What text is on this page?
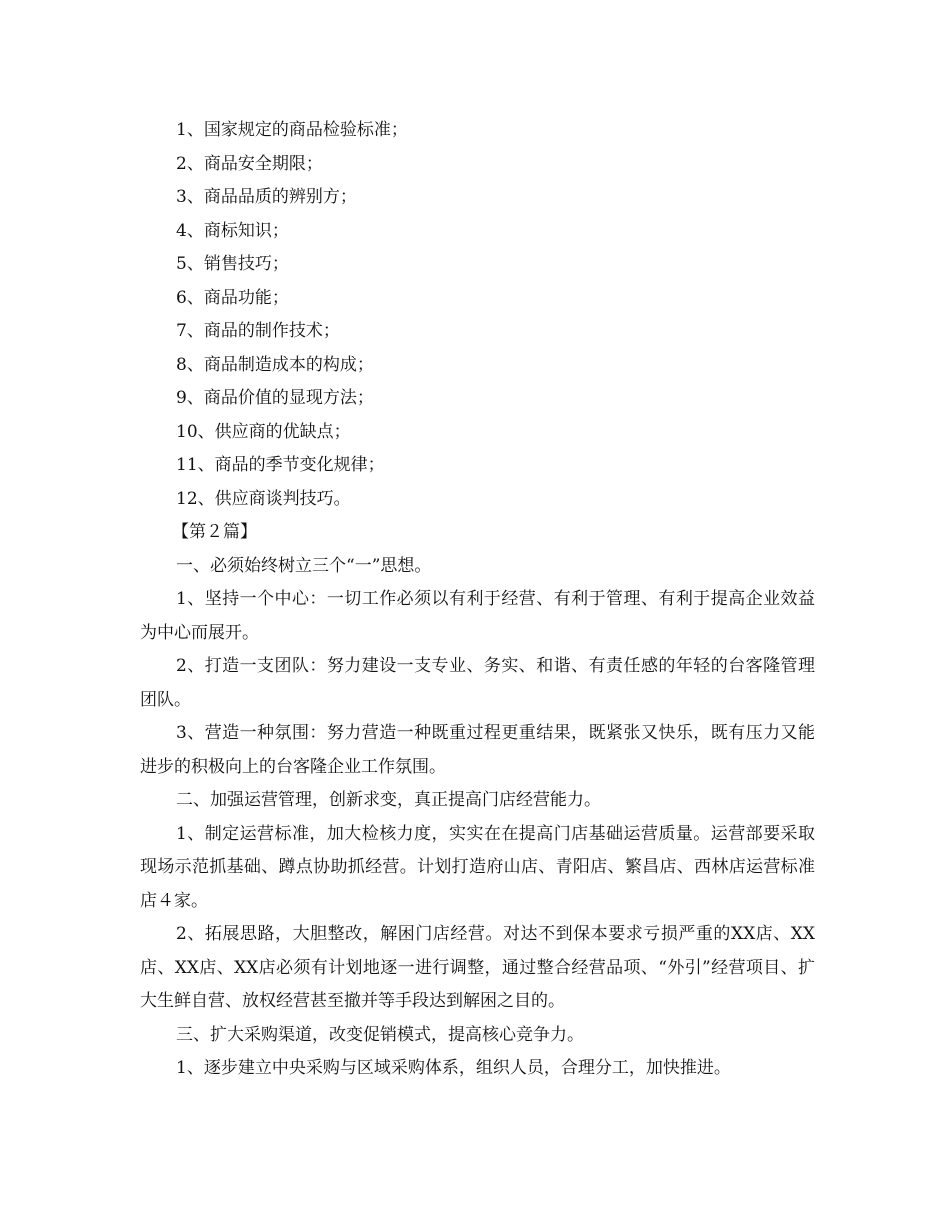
1、国家规定的商品检验标准；

2、商品安全期限；

3、商品品质的辨别方；

4、商标知识；

5、销售技巧；

6、商品功能；

7、商品的制作技术；

8、商品制造成本的构成；

9、商品价值的显现方法；

10、供应商的优缺点；

11、商品的季节变化规律；

12、供应商谈判技巧。

【第２篇】

一、必须始终树立三个“一”思想。

1、坚持一个中心：一切工作必须以有利于经营、有利于管理、有利于提高企业效益为中心而展开。

2、打造一支团队：努力建设一支专业、务实、和谐、有责任感的年轻的台客隆管理团队。

3、营造一种氛围：努力营造一种既重过程更重结果，既紧张又快乐，既有压力又能进步的积极向上的台客隆企业工作氛围。

二、加强运营管理，创新求变，真正提高门店经营能力。

1、制定运营标准，加大检核力度，实实在在提高门店基础运营质量。运营部要采取现场示范抓基础、蹲点协助抓经营。计划打造府山店、青阳店、繁昌店、西林店运营标准店４家。

2、拓展思路，大胆整改，解困门店经营。对达不到保本要求亏损严重的XX店、XX店、XX店、XX店必须有计划地逐一进行调整，通过整合经营品项、“外引”经营项目、扩大生鲜自营、放权经营甚至撤并等手段达到解困之目的。

三、扩大采购渠道，改变促销模式，提高核心竞争力。

1、逐步建立中央采购与区域采购体系，组织人员，合理分工，加快推进。
